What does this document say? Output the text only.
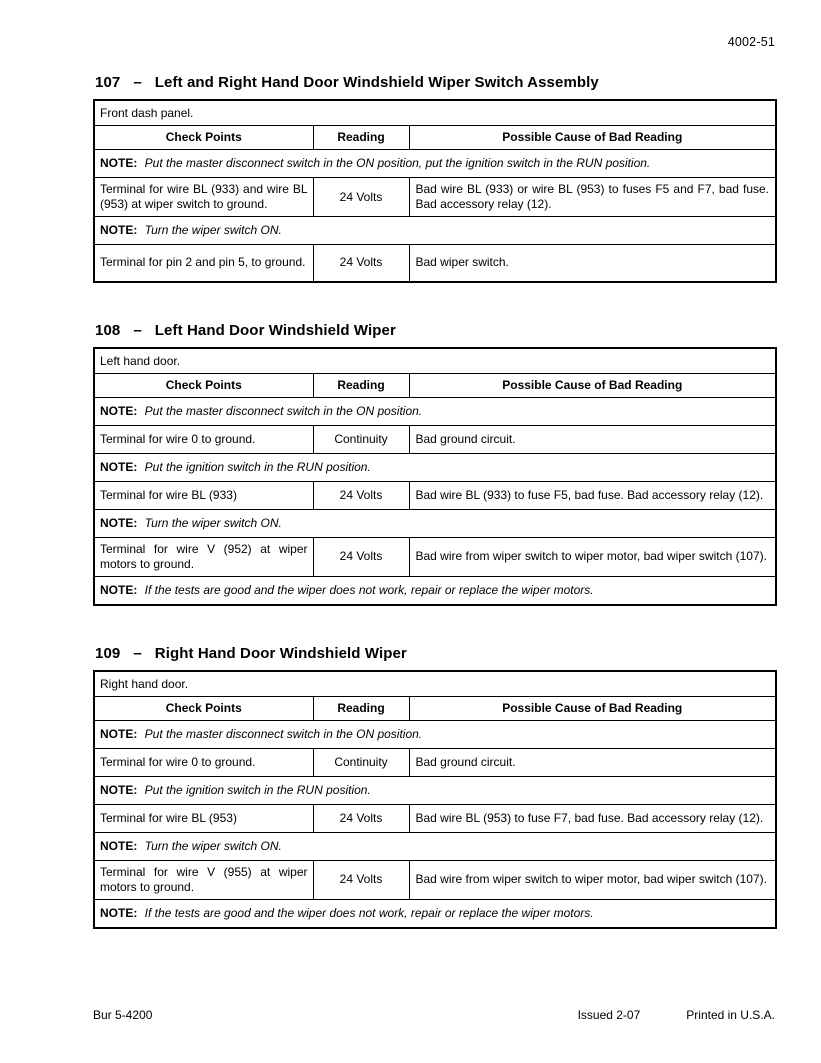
4002-51
107 – Left and Right Hand Door Windshield Wiper Switch Assembly
Front dash panel.		
Check Points	Reading	Possible Cause of Bad Reading
NOTE: Put the master disconnect switch in the ON position, put the ignition switch in the RUN position.		
Terminal for wire BL (933) and wire BL (953) at wiper switch to ground.	24 Volts	Bad wire BL (933) or wire BL (953) to fuses F5 and F7, bad fuse. Bad accessory relay (12).
NOTE: Turn the wiper switch ON.		
Terminal for pin 2 and pin 5, to ground.	24 Volts	Bad wiper switch.
108 – Left Hand Door Windshield Wiper
Left hand door.		
Check Points	Reading	Possible Cause of Bad Reading
NOTE: Put the master disconnect switch in the ON position.		
Terminal for wire 0 to ground.	Continuity	Bad ground circuit.
NOTE: Put the ignition switch in the RUN position.		
Terminal for wire BL (933)	24 Volts	Bad wire BL (933) to fuse F5, bad fuse. Bad accessory relay (12).
NOTE: Turn the wiper switch ON.		
Terminal for wire V (952) at wiper motors to ground.	24 Volts	Bad wire from wiper switch to wiper motor, bad wiper switch (107).
NOTE: If the tests are good and the wiper does not work, repair or replace the wiper motors.		
109 – Right Hand Door Windshield Wiper
Right hand door.		
Check Points	Reading	Possible Cause of Bad Reading
NOTE: Put the master disconnect switch in the ON position.		
Terminal for wire 0 to ground.	Continuity	Bad ground circuit.
NOTE: Put the ignition switch in the RUN position.		
Terminal for wire BL (953)	24 Volts	Bad wire BL (953) to fuse F7, bad fuse. Bad accessory relay (12).
NOTE: Turn the wiper switch ON.		
Terminal for wire V (955) at wiper motors to ground.	24 Volts	Bad wire from wiper switch to wiper motor, bad wiper switch (107).
NOTE: If the tests are good and the wiper does not work, repair or replace the wiper motors.		
Bur 5-4200	Issued 2-07	Printed in U.S.A.
